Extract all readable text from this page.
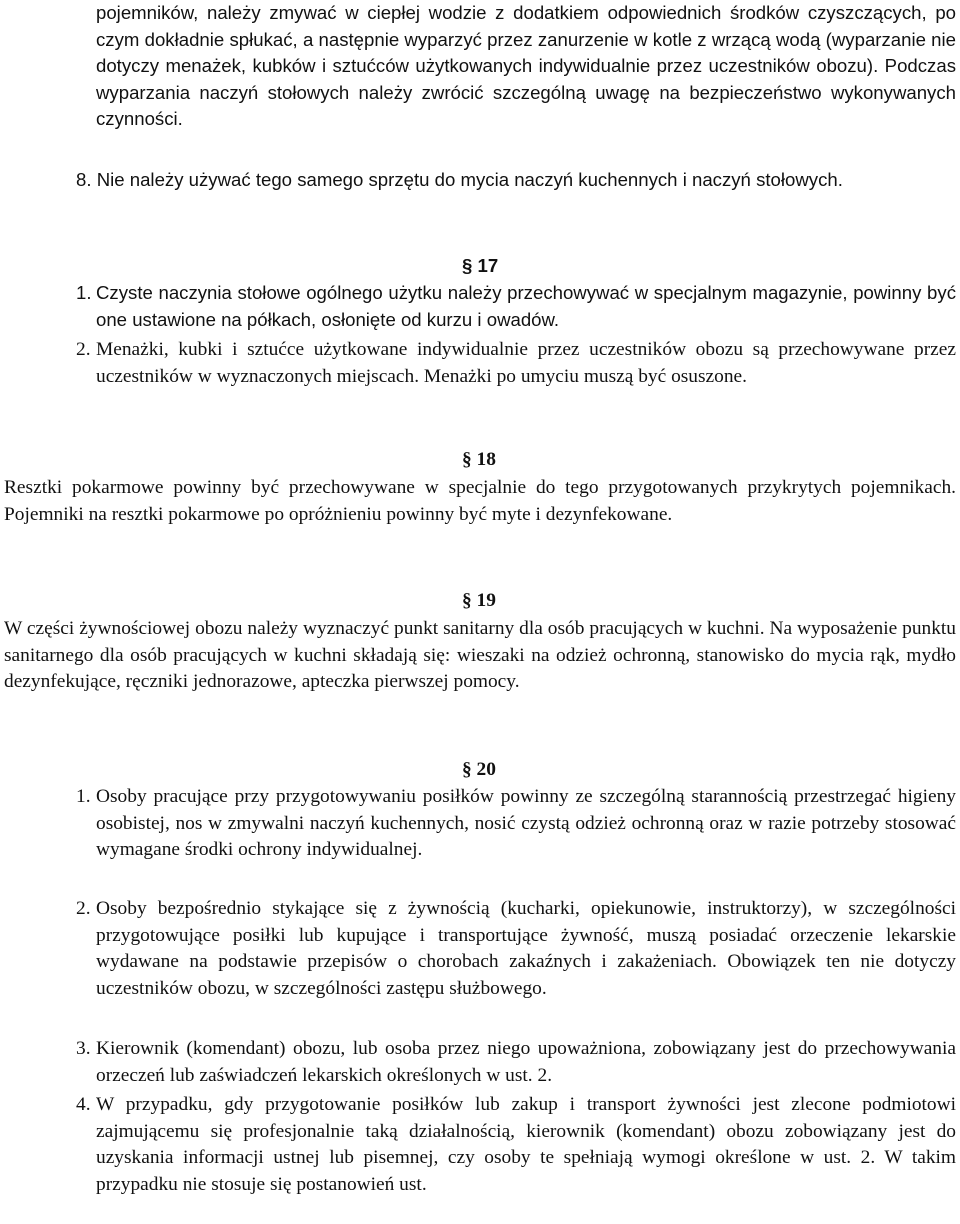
pojemników, należy zmywać w ciepłej wodzie z dodatkiem odpowiednich środków czyszczących, po czym dokładnie spłukać, a następnie wyparzyć przez zanurzenie w kotle z wrzącą wodą (wyparzanie nie dotyczy menażek, kubków i sztućców użytkowanych indywidualnie przez uczestników obozu). Podczas wyparzania naczyń stołowych należy zwrócić szczególną uwagę na bezpieczeństwo wykonywanych czynności.

8. Nie należy używać tego samego sprzętu do mycia naczyń kuchennych i naczyń stołowych.
§ 17
1. Czyste naczynia stołowe ogólnego użytku należy przechowywać w specjalnym magazynie, powinny być one ustawione na półkach, osłonięte od kurzu i owadów.
2. Menażki, kubki i sztućce użytkowane indywidualnie przez uczestników obozu są przechowywane przez uczestników w wyznaczonych miejscach. Menażki po umyciu muszą być osuszone.
§ 18

Resztki pokarmowe powinny być przechowywane w specjalnie do tego przygotowanych przykrytych pojemnikach. Pojemniki na resztki pokarmowe po opróżnieniu powinny być myte i dezynfekowane.

§ 19

W części żywnościowej obozu należy wyznaczyć punkt sanitarny dla osób pracujących w kuchni. Na wyposażenie punktu sanitarnego dla osób pracujących w kuchni składają się: wieszaki na odzież ochronną, stanowisko do mycia rąk, mydło dezynfekujące, ręczniki jednorazowe, apteczka pierwszej pomocy.

§ 20
1. Osoby pracujące przy przygotowywaniu posiłków powinny ze szczególną starannością przestrzegać higieny osobistej, nos w zmywalni naczyń kuchennych, nosić czystą odzież ochronną oraz w razie potrzeby stosować wymagane środki ochrony indywidualnej.
2. Osoby bezpośrednio stykające się z żywnością (kucharki, opiekunowie, instruktorzy), w szczególności przygotowujące posiłki lub kupujące i transportujące żywność, muszą posiadać orzeczenie lekarskie wydawane na podstawie przepisów o chorobach zakaźnych i zakażeniach. Obowiązek ten nie dotyczy uczestników obozu, w szczególności zastępu służbowego.
3. Kierownik (komendant) obozu, lub osoba przez niego upoważniona, zobowiązany jest do przechowywania orzeczeń lub zaświadczeń lekarskich określonych w ust. 2.
4. W przypadku, gdy przygotowanie posiłków lub zakup i transport żywności jest zlecone podmiotowi zajmującemu się profesjonalnie taką działalnością, kierownik (komendant) obozu zobowiązany jest do uzyskania informacji ustnej lub pisemnej, czy osoby te spełniają wymogi określone w ust. 2. W takim przypadku nie stosuje się postanowień ust.
